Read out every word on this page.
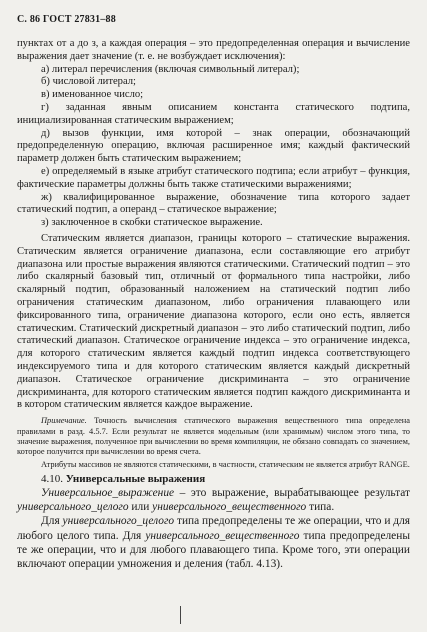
С. 86 ГОСТ 27831–88

пунктах от а до з, а каждая операция – это предопределенная операция и вычисление выражения дает значение (т. е. не возбуждает исключения):

а) литерал перечисления (включая символьный литерал);

б) числовой литерал;

в) именованное число;

г) заданная явным описанием константа статического подтипа, инициализированная статическим выражением;

д) вызов функции, имя которой – знак операции, обозначающий предопределенную операцию, включая расширенное имя; каждый фактический параметр должен быть статическим выражением;

е) определяемый в языке атрибут статического подтипа; если атрибут – функция, фактические параметры должны быть также статическими выражениями;

ж) квалифицированное выражение, обозначение типа которого задает статический подтип, а операнд – статическое выражение;

з) заключенное в скобки статическое выражение.

Статическим является диапазон, границы которого – статические выражения. Статическим является ограничение диапазона, если составляющие его атрибут диапазона или простые выражения являются статическими. Статический подтип – это либо скалярный базовый тип, отличный от формального типа настройки, либо скалярный подтип, образованный наложением на статический подтип либо ограничения статическим диапазоном, либо ограничения плавающего или фиксированного типа, ограничение диапазона которого, если оно есть, является статическим. Статический дискретный диапазон – это либо статический подтип, либо статический диапазон. Статическое ограничение индекса – это ограничение индекса, для которого статическим является каждый подтип индекса соответствующего индексируемого типа и для которого статическим является каждый дискретный диапазон. Статическое ограничение дискриминанта – это ограничение дискриминанта, для которого статическим является подтип каждого дискриминанта и в котором статическим является каждое выражение.

Примечание. Точность вычисления статического выражения вещественного типа определена правилами в разд. 4.5.7. Если результат не является модельным (или хранимым) числом этого типа, то значение выражения, полученное при вычислении во время компиляции, не обязано совпадать со значением, которое получится при вычислении во время счета.

Атрибуты массивов не являются статическими, в частности, статическим не является атрибут RANGE.

4.10. Универсальные выражения

Универсальное_выражение – это выражение, вырабатывающее результат универсального_целого или универсального_вещественного типа.

Для универсального_целого типа предопределены те же операции, что и для любого целого типа. Для универсального_вещественного типа предопределены те же операции, что и для любого плавающего типа. Кроме того, эти операции включают операции умножения и деления (табл. 4.13).
